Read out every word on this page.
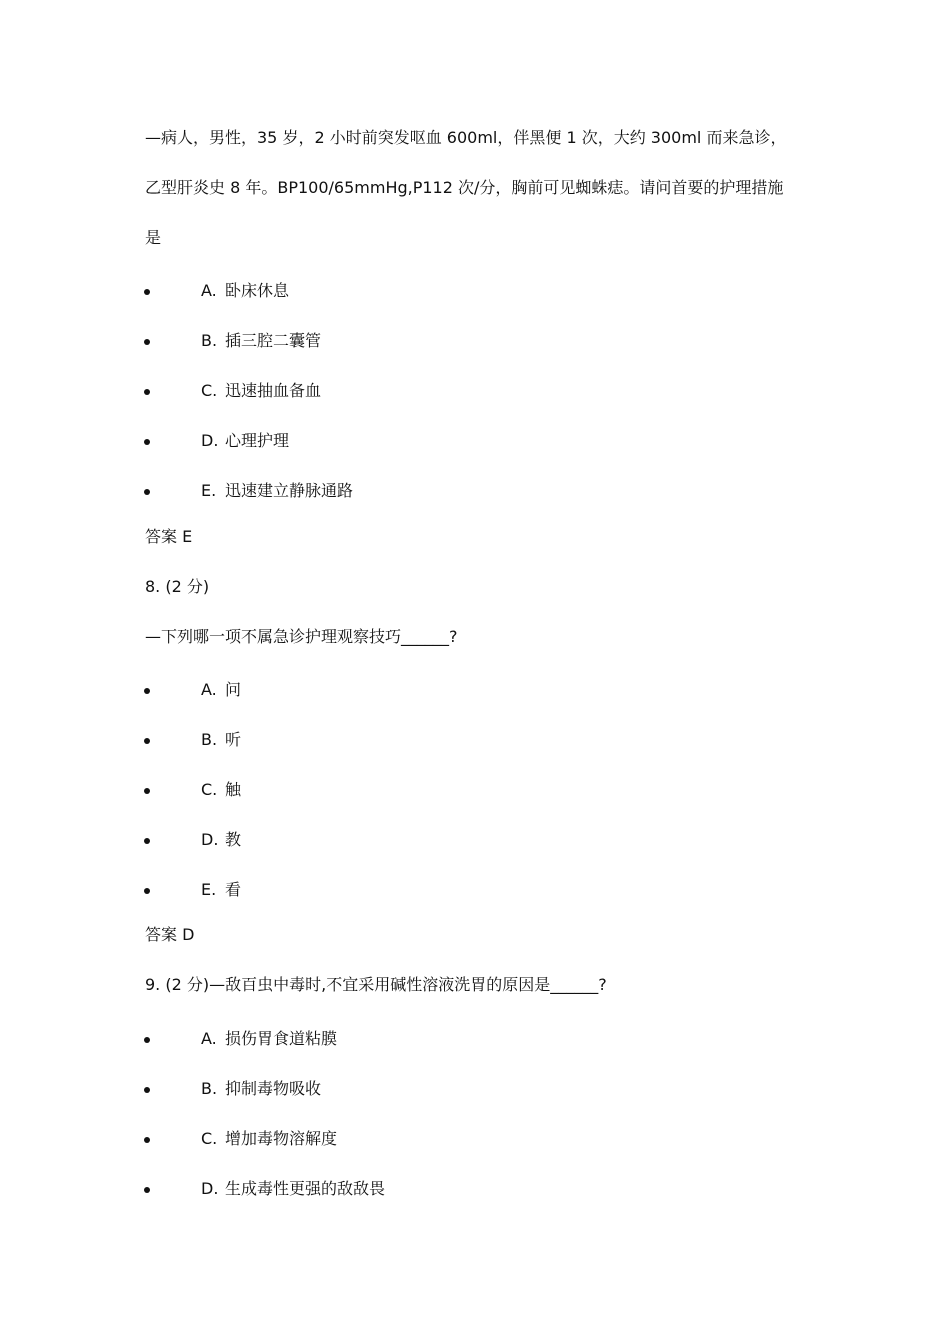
—病人，男性，35 岁，2 小时前突发呕血 600ml，伴黑便 1 次，大约 300ml 而来急诊，
乙型肝炎史 8 年。BP100/65mmHg,P112 次/分，胸前可见蜘蛛痣。请问首要的护理措施
是
A. 卧床休息
B. 插三腔二囊管
C. 迅速抽血备血
D. 心理护理
E. 迅速建立静脉通路
答案 E
8. (2 分)
—下列哪一项不属急诊护理观察技巧______?
A. 问
B. 听
C. 触
D. 教
E. 看
答案 D
9. (2 分)—敌百虫中毒时,不宜采用碱性溶液洗胃的原因是______?
A. 损伤胃食道粘膜
B. 抑制毒物吸收
C. 增加毒物溶解度
D. 生成毒性更强的敌敌畏
